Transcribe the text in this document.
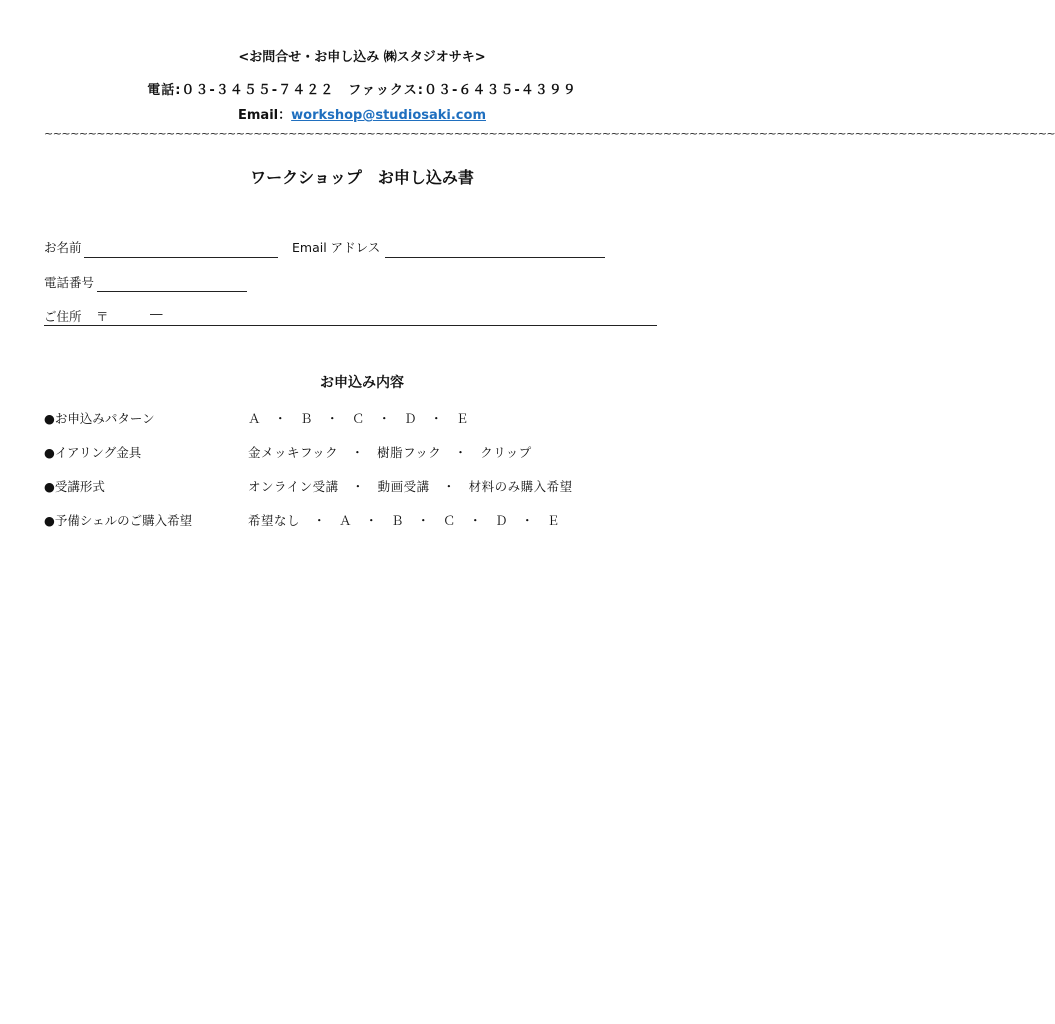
<お問合せ・お申し込み ㈱スタジオサキ>
電話:０３-３４５５-７４２２　ファックス:０３-６４３５-４３９９
Email：workshop@studiosaki.com
~~~~~~~~~~~~~~~~~~~~~~~~~~~~~~~~~~~~~~~~~~~~~~~~~~~~~~~~~~~~~~~~~~~~~~~~~~~~~~~~~~~~~~~~~~~~~~~~~~~~~~~~~~~~~~~~~~~~
ワークショップ　お申し込み書
お名前	Email アドレス
電話番号
ご住所 〒	―
お申込み内容
●お申込みパターン	Ａ　・　Ｂ　・　Ｃ　・　Ｄ　・　Ｅ
●イアリング金具	金メッキフック　・　樹脂フック　・　クリップ
●受講形式	オンライン受講　・　動画受講　・　材料のみ購入希望
●予備シェルのご購入希望	希望なし　・　Ａ　・　Ｂ　・　Ｃ　・　Ｄ　・　Ｅ
